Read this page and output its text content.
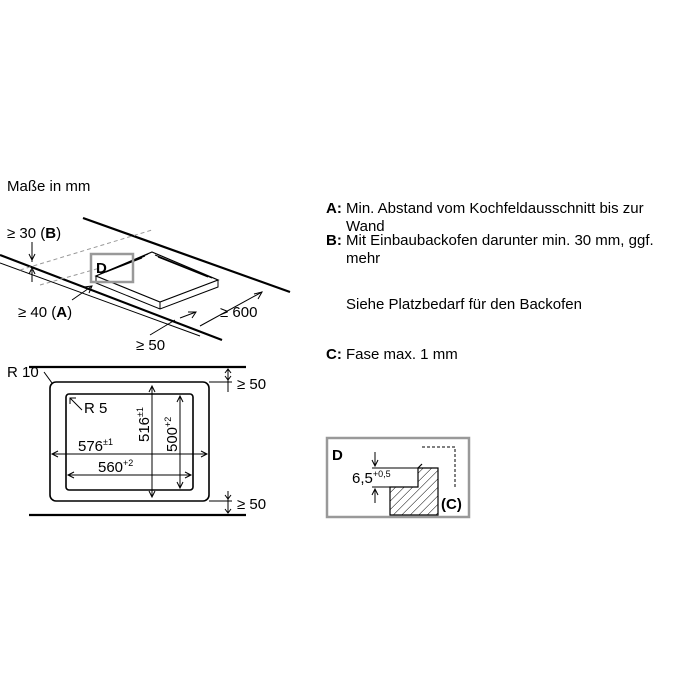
Maße in mm
A: Min. Abstand vom Kochfeldausschnitt bis zur Wand
B: Mit Einbaubackofen darunter min. 30 mm, ggf. mehr
Siehe Platzbedarf für den Backofen
C: Fase max. 1 mm
D
≥ 30 (B)
≥ 40 (A)	≥ 600
≥ 50
R 10
R 5
$516^{\pm 1}$
$500^{+2}$
$576^{\pm 1}$
$560^{+2}$
≥ 50
≥ 50
D
$6,5^{+0,5}$
(C)
